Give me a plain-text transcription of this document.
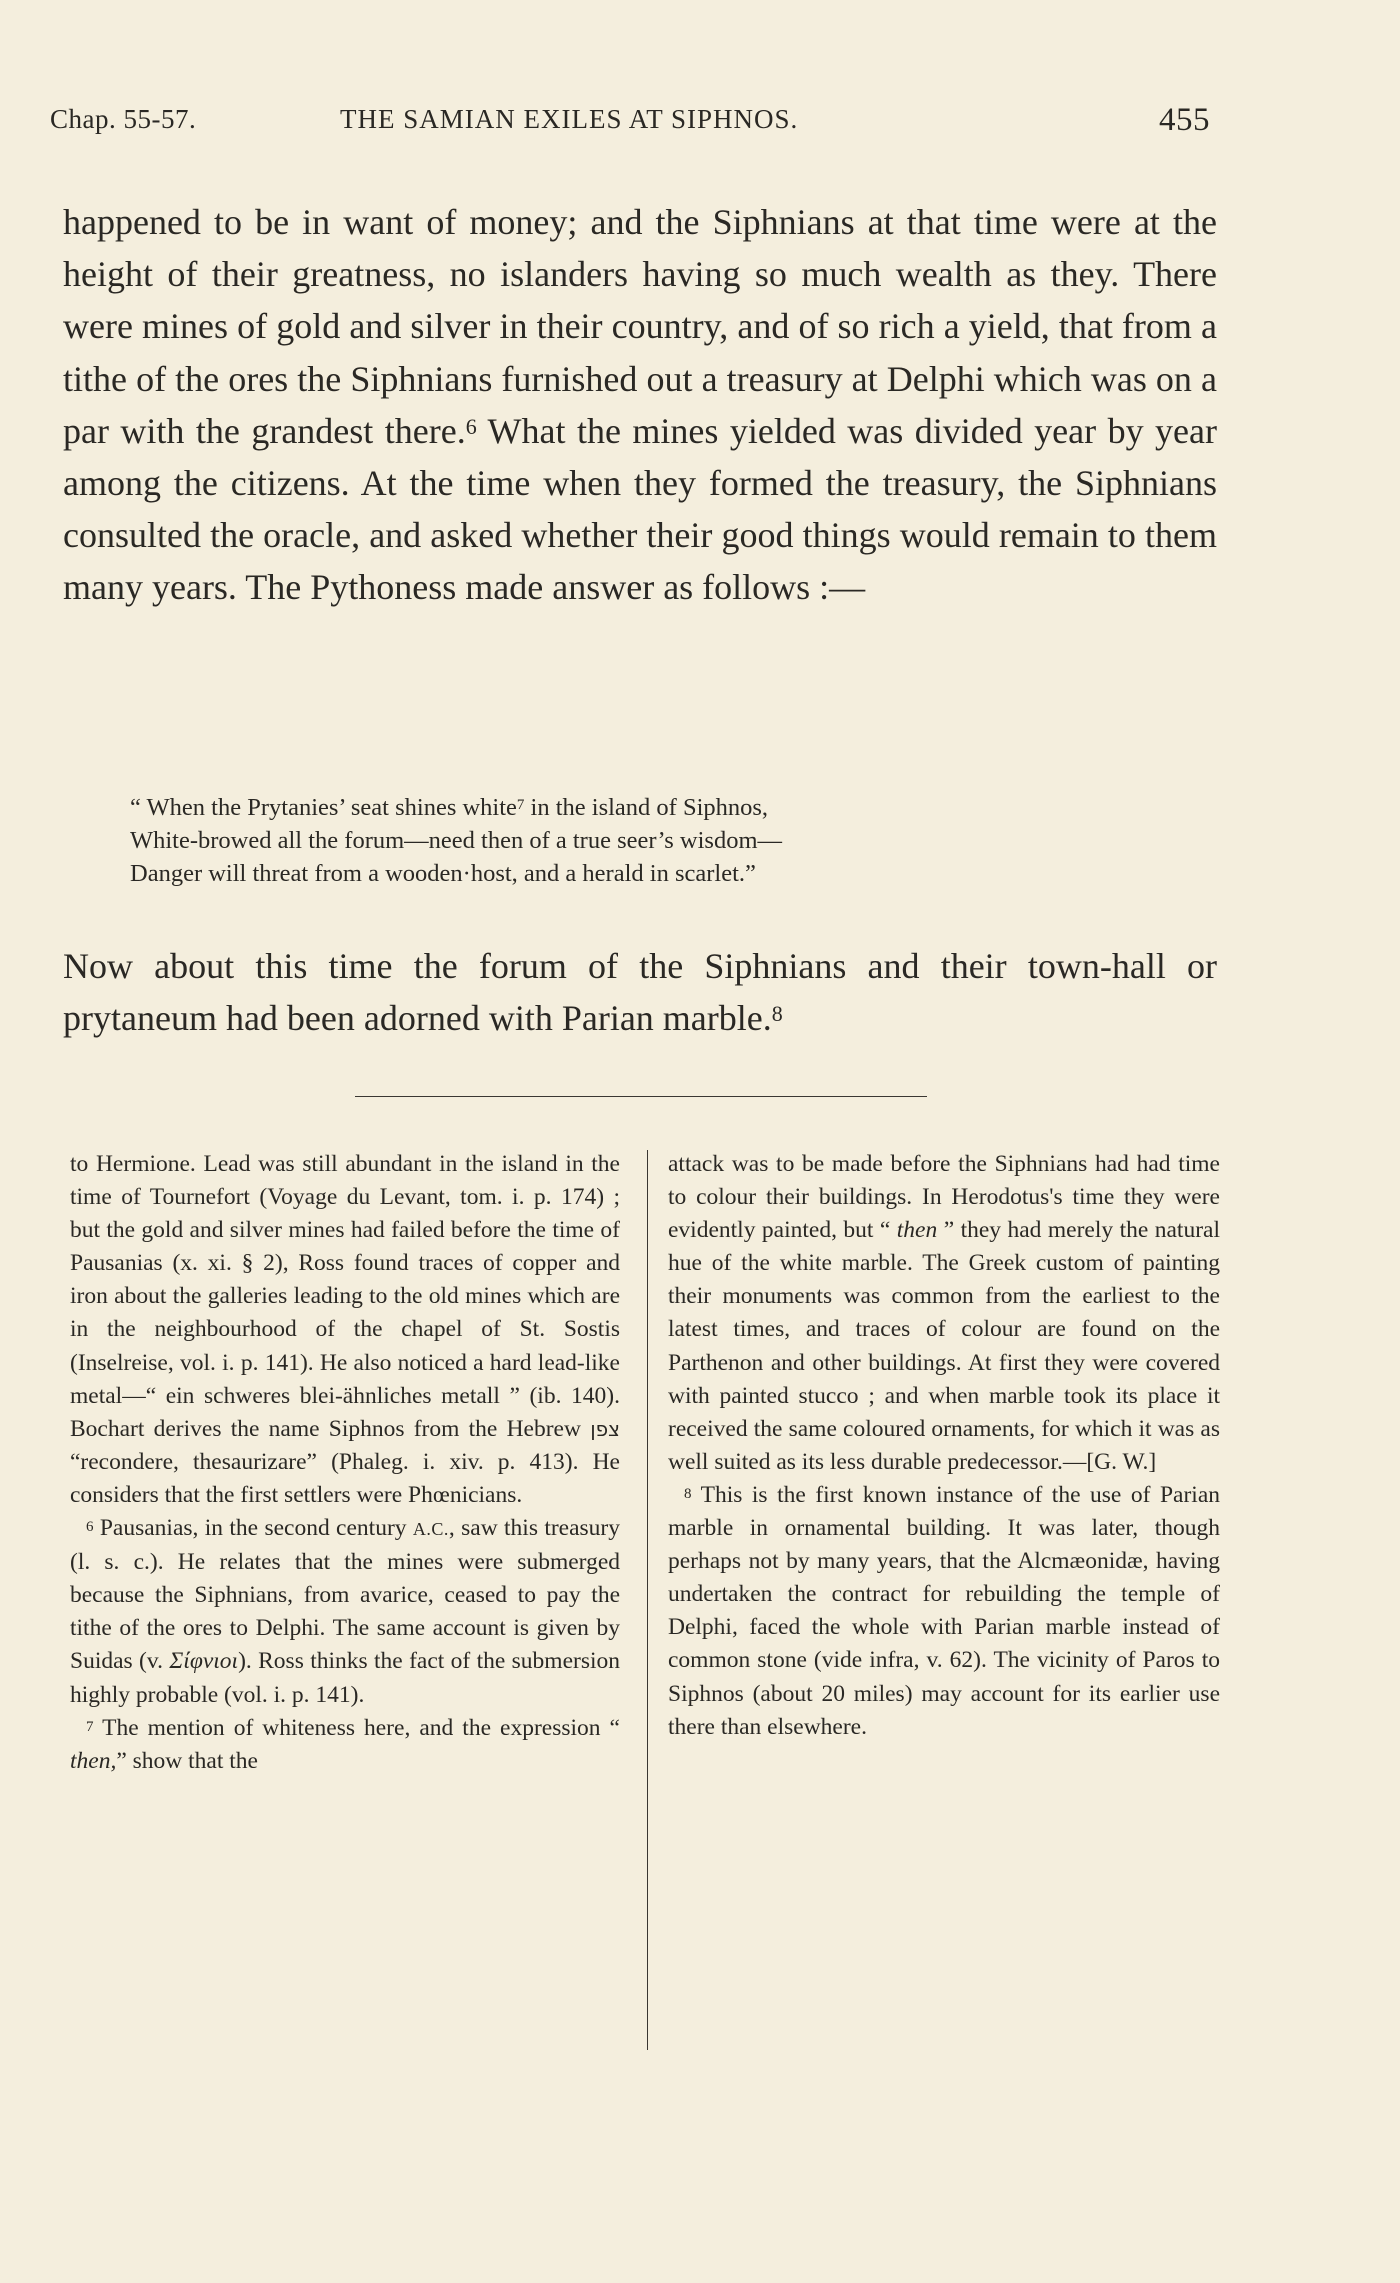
Chap. 55-57.	THE SAMIAN EXILES AT SIPHNOS.	455

happened to be in want of money; and the Siphnians at that time were at the height of their greatness, no islanders having so much wealth as they. There were mines of gold and silver in their country, and of so rich a yield, that from a tithe of the ores the Siphnians furnished out a treasury at Delphi which was on a par with the grandest there.$^6$ What the mines yielded was divided year by year among the citizens. At the time when they formed the treasury, the Siphnians consulted the oracle, and asked whether their good things would remain to them many years. The Pythoness made answer as follows :—

“ When the Prytanies’ seat shines white$^7$ in the island of Siphnos,
White-browed all the forum—need then of a true seer’s wisdom—
Danger will threat from a wooden·host, and a herald in scarlet.”

Now about this time the forum of the Siphnians and their town-hall or prytaneum had been adorned with Parian marble.$^8$

to Hermione. Lead was still abundant in the island in the time of Tournefort (Voyage du Levant, tom. i. p. 174) ; but the gold and silver mines had failed before the time of Pausanias (x. xi. § 2), Ross found traces of copper and iron about the galleries leading to the old mines which are in the neighbourhood of the chapel of St. Sostis (Inselreise, vol. i. p. 141). He also noticed a hard lead-like metal—“ ein schweres blei-ähnliches metall ” (ib. 140). Bochart derives the name Siphnos from the Hebrew צפן “recondere, thesaurizare” (Phaleg. i. xiv. p. 413). He considers that the first settlers were Phœnicians.

$^6$ Pausanias, in the second century A.C., saw this treasury (l. s. c.). He relates that the mines were submerged because the Siphnians, from avarice, ceased to pay the tithe of the ores to Delphi. The same account is given by Suidas (v. Σίφνιοι). Ross thinks the fact of the submersion highly probable (vol. i. p. 141).

$^7$ The mention of whiteness here, and the expression “ then,” show that the

attack was to be made before the Siphnians had had time to colour their buildings. In Herodotus's time they were evidently painted, but “ then ” they had merely the natural hue of the white marble. The Greek custom of painting their monuments was common from the earliest to the latest times, and traces of colour are found on the Parthenon and other buildings. At first they were covered with painted stucco ; and when marble took its place it received the same coloured ornaments, for which it was as well suited as its less durable predecessor.—[G. W.]

$^8$ This is the first known instance of the use of Parian marble in ornamental building. It was later, though perhaps not by many years, that the Alcmæonidæ, having undertaken the contract for rebuilding the temple of Delphi, faced the whole with Parian marble instead of common stone (vide infra, v. 62). The vicinity of Paros to Siphnos (about 20 miles) may account for its earlier use there than elsewhere.
